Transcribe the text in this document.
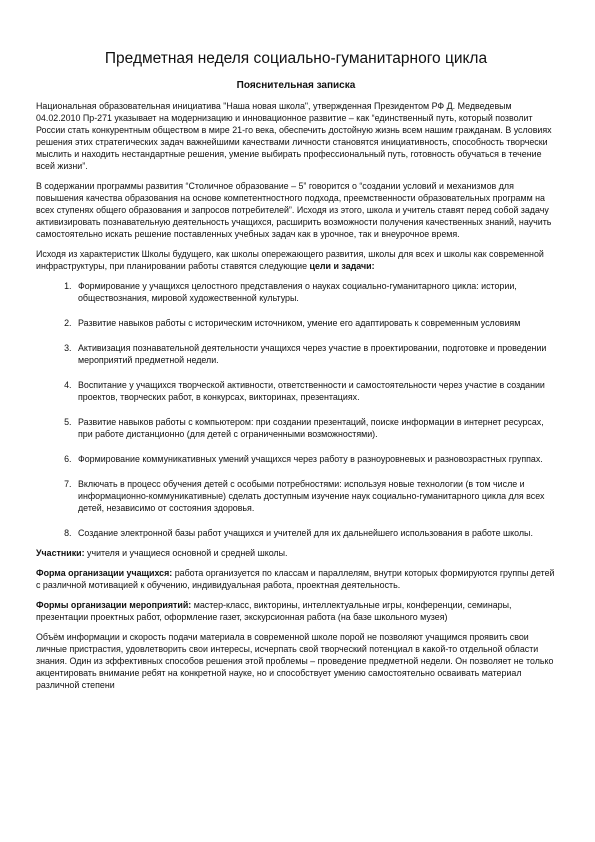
Предметная неделя социально-гуманитарного цикла
Пояснительная записка

Национальная образовательная инициатива "Наша новая школа", утвержденная Президентом РФ Д. Медведевым 04.02.2010 Пр-271 указывает на модернизацию и инновационное развитие – как “единственный путь, который позволит России стать конкурентным обществом в мире 21-го века, обеспечить достойную жизнь всем нашим гражданам. В условиях решения этих стратегических задач важнейшими качествами личности становятся инициативность, способность творчески мыслить и находить нестандартные решения, умение выбирать профессиональный путь, готовность обучаться в течение всей жизни”.

В содержании программы развития “Столичное образование – 5” говорится о “создании условий и механизмов для повышения качества образования на основе компетентностного подхода, преемственности образовательных программ на всех ступенях общего образования и запросов потребителей”. Исходя из этого, школа и учитель ставят перед собой задачу активизировать познавательную деятельность учащихся, расширить возможности получения качественных знаний, научить самостоятельно искать решение поставленных учебных задач как в урочное, так и внеурочное время.

Исходя из характеристик Школы будущего, как школы опережающего развития, школы для всех и школы как современной инфраструктуры, при планировании работы ставятся следующие цели и задачи:

1. Формирование у учащихся целостного представления о науках социально-гуманитарного цикла: истории, обществознания, мировой художественной культуры.
2. Развитие навыков работы с историческим источником, умение его адаптировать к современным условиям
3. Активизация познавательной деятельности учащихся через участие в проектировании, подготовке и проведении мероприятий предметной недели.
4. Воспитание у учащихся творческой активности, ответственности и самостоятельности через участие в создании проектов, творческих работ, в конкурсах, викторинах, презентациях.
5. Развитие навыков работы с компьютером: при создании презентаций, поиске информации в интернет ресурсах, при работе дистанционно (для детей с ограниченными возможностями).
6. Формирование коммуникативных умений учащихся через работу в разноуровневых и разновозрастных группах.
7. Включать в процесс обучения детей с особыми потребностями: используя новые технологии (в том числе и информационно-коммуникативные) сделать доступным изучение наук социально-гуманитарного цикла для всех детей, независимо от состояния здоровья.
8. Создание электронной базы работ учащихся и учителей для их дальнейшего использования в работе школы.

Участники: учителя и учащиеся основной и средней школы.

Форма организации учащихся: работа организуется по классам и параллелям, внутри которых формируются группы детей с различной мотивацией к обучению, индивидуальная работа, проектная деятельность.

Формы организации мероприятий: мастер-класс, викторины, интеллектуальные игры, конференции, семинары, презентации проектных работ, оформление газет, экскурсионная работа (на базе школьного музея)

Объём информации и скорость подачи материала в современной школе порой не позволяют учащимся проявить свои личные пристрастия, удовлетворить свои интересы, исчерпать свой творческий потенциал в какой-то отдельной области знания. Один из эффективных способов решения этой проблемы – проведение предметной недели. Он позволяет не только акцентировать внимание ребят на конкретной науке, но и способствует умению самостоятельно осваивать материал различной степени
